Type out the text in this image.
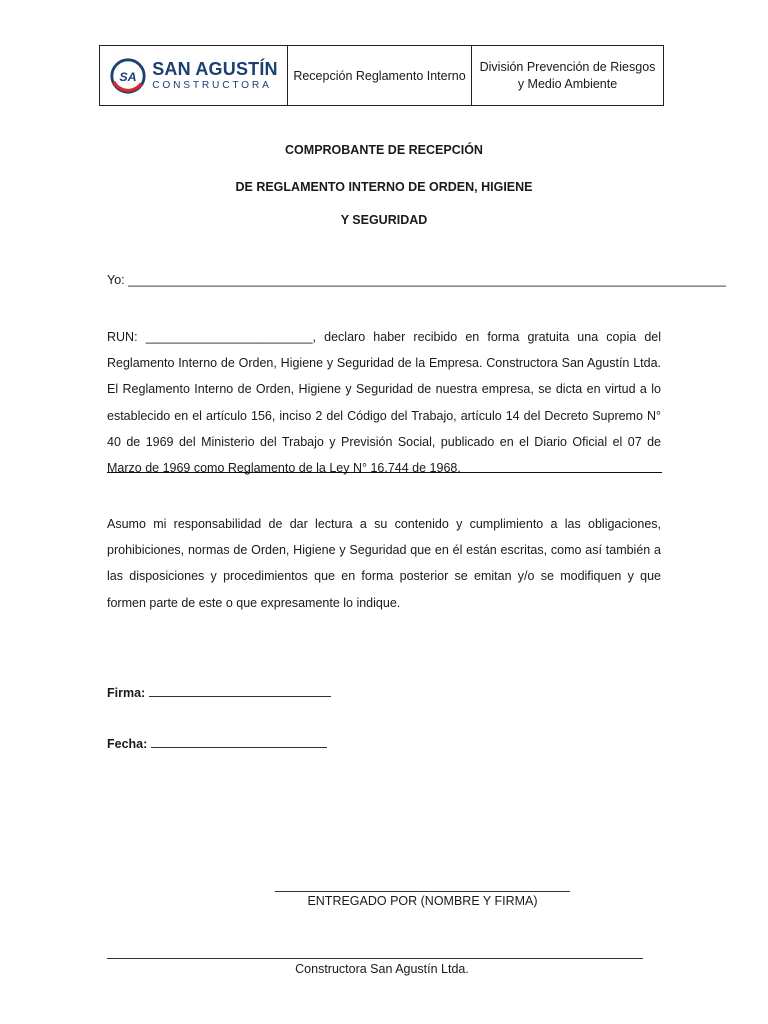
SA SAN AGUSTÍN
CONSTRUCTORA
Recepción Reglamento Interno
División Prevención de Riesgos
y Medio Ambiente
COMPROBANTE DE RECEPCIÓN
DE REGLAMENTO INTERNO DE ORDEN, HIGIENE
Y SEGURIDAD
Yo: ______________________________________________________________________________________
RUN: ________________________, declaro haber recibido en forma gratuita una copia del Reglamento Interno de Orden, Higiene y Seguridad de la Empresa. Constructora San Agustín Ltda. El Reglamento Interno de Orden, Higiene y Seguridad de nuestra empresa, se dicta en virtud a lo establecido en el artículo 156, inciso 2 del Código del Trabajo, artículo 14 del Decreto Supremo N° 40 de 1969 del Ministerio del Trabajo y Previsión Social, publicado en el Diario Oficial el 07 de Marzo de 1969 como Reglamento de la Ley N° 16.744 de 1968.
Asumo mi responsabilidad de dar lectura a su contenido y cumplimiento a las obligaciones, prohibiciones, normas de Orden, Higiene y Seguridad que en él están escritas, como así también a las disposiciones y procedimientos que en forma posterior se emitan y/o se modifiquen y que formen parte de este o que expresamente lo indique.
Firma:
Fecha:
ENTREGADO POR (NOMBRE Y FIRMA)
Constructora San Agustín Ltda.
